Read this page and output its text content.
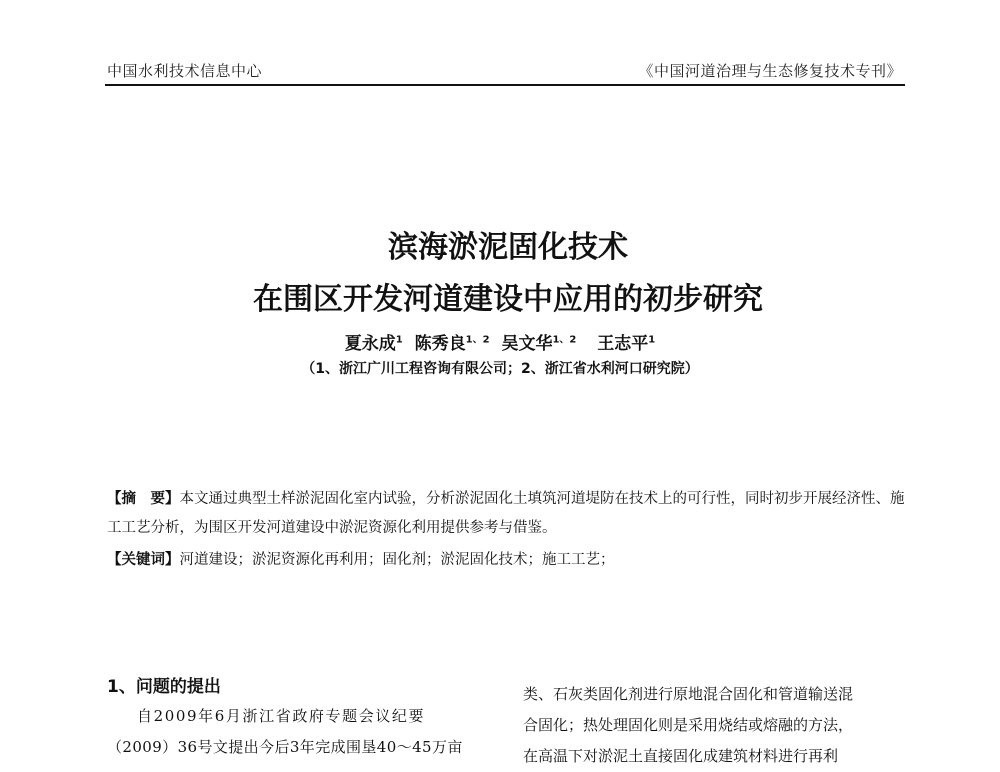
中国水利技术信息中心	《中国河道治理与生态修复技术专刊》
滨海淤泥固化技术
在围区开发河道建设中应用的初步研究
夏永成$^1$ 陈秀良$^{1、2}$ 吴文华$^{1、2}$ 王志平$^1$
（1、浙江广川工程咨询有限公司；2、浙江省水利河口研究院）
【摘　要】本文通过典型土样淤泥固化室内试验，分析淤泥固化土填筑河道堤防在技术上的可行性，同时初步开展经济性、施工工艺分析，为围区开发河道建设中淤泥资源化利用提供参考与借鉴。
【关键词】河道建设；淤泥资源化再利用；固化剂；淤泥固化技术；施工工艺；
1、问题的提出

自2009年6月浙江省政府专题会议纪要

（2009）36号文提出今后3年完成围垦40～45万亩

类、石灰类固化剂进行原地混合固化和管道输送混

合固化；热处理固化则是采用烧结或熔融的方法，

在高温下对淤泥土直接固化成建筑材料进行再利
